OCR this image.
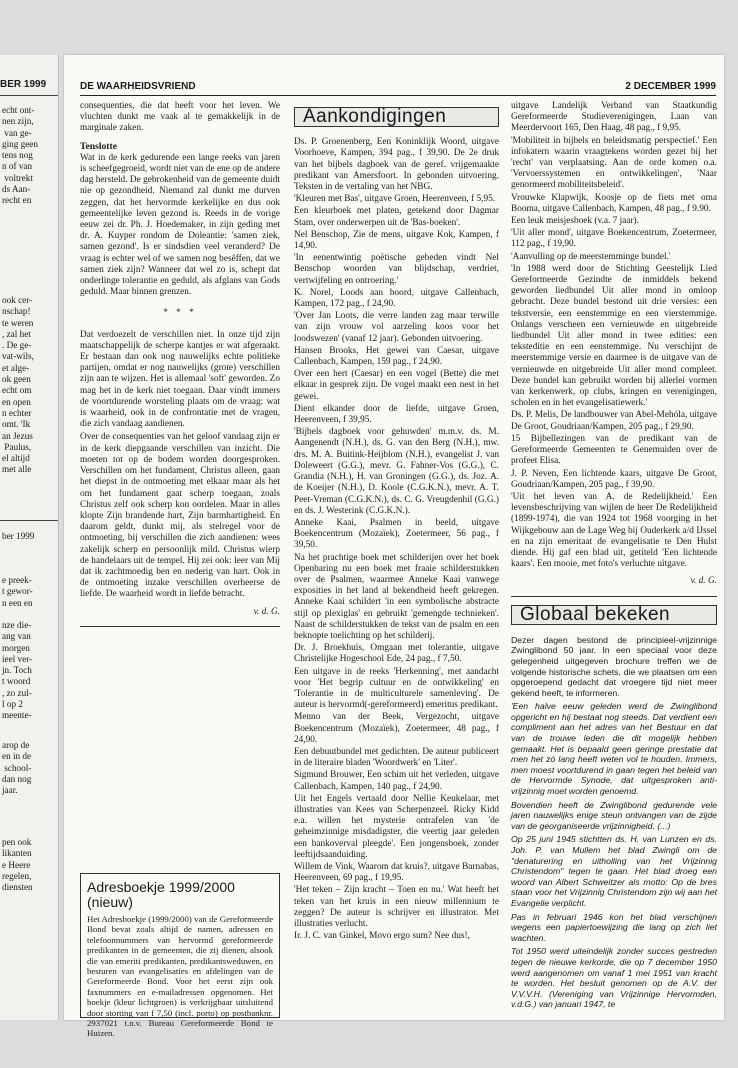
BER 1999
echt ont-
nen zijn,
van ge-
ging geen
tens nog
n of van
voltrekt
ds Aan-
recht en
ook cer-
nschap!
te weren
, zal het
. De ge-
vat-wils,
et alge-
ok geen
echt om
en open
n echter
omt. 'Ik
an Jezus
Paulus,
el altijd
met alle
ber 1999
e preek-
t gewor-
n een en
nze die-
ang van
morgen
ieel ver-
jn. Toch
t woord
, zo zul-
l op 2
meente-
arop de
en in de
school-
dan nog
jaar.
pen ook
likanten
e Heere
regelen,
diensten
DE WAARHEIDSVRIEND	2 DECEMBER 1999

consequenties, die dat heeft voor het leven. We vluchten dunkt me vaak al te gemakkelijk in de marginale zaken.

Tenslotte

Wat in de kerk gedurende een lange reeks van jaren is scheefgegroeid, wordt niet van de ene op de andere dag hersteld. De gebrokenheid van de gemeente duidt nie op gezondheid. Niemand zal dunkt me durven zeggen, dat het hervormde kerkelijke en dus ook gemeentelijke leven gezond is. Reeds in de vorige eeuw zei dr. Ph. J. Hoedemaker, in zijn geding met dr. A. Kuyper rondom de Doleantie: 'samen ziek, samen gezond'. Is er sindsdien veel veranderd? De vraag is echter wel of we samen nog besêffen, dat we samen ziek zijn? Wanneer dat wel zo is, schept dat onderlinge tolerantie en geduld, als afglans van Gods geduld. Maar binnen grenzen.

* * *

Dat verdoezelt de verschillen niet. In onze tijd zijn maatschappelijk de scherpe kantjes er wat afgeraakt. Er bestaan dan ook nog nauwelijks echte politieke partijen, omdat er nog nauwelijks (grote) verschillen zijn aan te wijzen. Het is allemaal 'soft' geworden. Zo mag het in de kerk niet toegaan. Daar vindt immers de voortdurende worsteling plaats om de vraag: wat is waarheid, ook in de confrontatie met de vragen, die zich vandaag aandienen.

Over de consequenties van het geloof vandaag zijn er in de kerk diepgaande verschillen van inzicht. Die moeten tot op de bodem worden doorgesproken. Verschillen om het fundament, Christus alleen, gaan het diepst in de ontmoeting met elkaar maar als het om het fundament gaat scherp toegaan, zoals Christus zelf ook scherp kon oordelen. Maar in alles klopte Zijn brandende hart, Zijn barmhartigheid. En daarom geldt, dunkt mij, als stelregel voor de ontmoeting, bij verschillen die zich aandienen: wees zakelijk scherp en persoonlijk mild. Christus wierp de handelaars uit de tempel. Hij zei ook: leer van Mij dat ik zachtmoedig ben en nederig van hart. Ook in de ontmoeting inzake verschillen overheerse de liefde. De waarheid wordt in liefde betracht.

v. d. G.
Adresboekje 1999/2000 (nieuw)

Het Adresboekje (1999/2000) van de Gereformeerde Bond bevat zoals altijd de namen, adressen en telefoonnummers van hervormd gereformeerde predikanten in de gemeenten, die zij dienen, alsook die van emeriti predikanten, predikantsweduwen, en besturen van evangelisaties en afdelingen van de Gereformeerde Bond. Voor het eerst zijn ook faxnummers en e-mailadressen opgenomen. Het boekje (kleur lichtgroen) is verkrijgbaar uitsluitend door storting van f 7,50 (incl. porto) op postbanknr. 2937021 t.n.v. Bureau Gereformeerde Bond te Huizen.

Aankondigingen

Ds. P. Groenenberg, Een Koninklijk Woord, uitgave Voorhoeve, Kampen, 394 pag., f 39,90. De 2e druk van het bijbels dagboek van de geref. vrijgemaakte predikant van Amersfoort. In gebonden uitvoering. Teksten in de vertaling van het NBG.

'Kleuren met Bas', uitgave Groen, Heerenveen, f 5,95.

Een kleurboek met platen, getekend door Dagmar Stam, over onderwerpen uit de 'Bas-boeken'.

Nel Benschop, Zie de mens, uitgave Kok, Kampen, f 14,90.

'In eenentwintig poëtische gebeden vindt Nel Benschop woorden van blijdschap, verdriet, vertwijfeling en ontroering.'

K. Norel, Loods aan boord, uitgave Callenbach, Kampen, 172 pag., f 24,90.

'Over Jan Loots, die verre landen zag maar terwille van zijn vrouw vol aarzeling koos voor het loodswezen' (vanaf 12 jaar). Gebonden uitvoering.

Hansen Brooks, Het gewei van Caesar, uitgave Callenbach, Kampen, 159 pag., f 24,90.

Over een hert (Caesar) en een vogel (Bette) die met elkaar in gesprek zijn. De vogel maakt een nest in het gewei.

Dient elkander door de liefde, uitgave Groen, Heerenveen, f 39,95.

'Bijbels dagboek voor gehuwden' m.m.v. ds. M. Aangenendt (N.H.), ds. G. van den Berg (N.H.), mw. drs. M. A. Buitink-Heijblom (N.H.), evangelist J. van Doleweert (G.G.), mevr. G. Fahner-Vos (G.G.), C. Grandia (N.H.), H. van Groningen (G.G.), ds. Joz. A. de Koeijer (N.H.), D. Koole (C.G.K.N.), mevr. A. T. Peet-Vreman (C.G.K.N.), ds. C. G. Vreugdenhil (G.G.) en ds. J. Westerink (C.G.K.N.).

Anneke Kaai, Psalmen in beeld, uitgave Boekencentrum (Mozaïek), Zoetermeer, 56 pag., f 39,50.

Na het prachtige boek met schilderijen over het boek Openbaring nu een boek met fraaie schilderstukken over de Psalmen, waarmee Anneke Kaai vanwege exposities in het land al bekendheid heeft gekregen. Anneke Kaai schildert 'in een symbolische abstracte stijl op plexiglas' en gebruikt 'gemengde technieken'. Naast de schilderstukken de tekst van de psalm en een beknopte toelichting op het schilderij.

Dr. J. Broekhuis, Omgaan met tolerantie, uitgave Christelijke Hogeschool Ede, 24 pag., f 7,50.

Een uitgave in de reeks 'Herkenning', met aandacht voor 'Het begrip cultuur en de ontwikkeling' en 'Tolerantie in de multiculturele samenleving'. De auteur is hervormd(-gereformeerd) emeritus predikant.

Menno van der Beek, Vergezocht, uitgave Boekencentrum (Mozaïek), Zoetermeer, 48 pag., f 24,90.

Een debuutbundel met gedichten. De auteur publiceert in de literaire bladen 'Woordwerk' en 'Liter'.

Sigmund Brouwer, Een schim uit het verleden, uitgave Callenbach, Kampen, 140 pag., f 24,90.

Uit het Engels vertaald door Nellie Keukelaar, met illustraties van Kees van Scherpenzeel. Ricky Kidd e.a. willen het mysterie ontrafelen van 'de geheimzinnige misdadigster, die veertig jaar geleden een bankoverval pleegde'. Een jongensboek, zonder leeftijdsaanduiding.

Willem de Vink, Waarom dat kruis?, uitgave Barnabas, Heerenveen, 69 pag., f 19,95.

'Het teken – Zijn kracht – Toen en nu.' Wat heeft het teken van het kruis in een nieuw millennium te zeggen? De auteur is schrijver en illustrator. Met illustraties verlucht.

Ir. J. C. van Ginkel, Movo ergo sum? Nee dus!,

uitgave Landelijk Verband van Staatkundig Gereformeerde Studieverenigingen, Laan van Meerdervoort 165, Den Haag, 48 pag., f 9,95.

'Mobiliteit in bijbels en beleidsmatig perspectief.' Een infokatern waarin vraagtekens worden gezet bij het 'recht' van verplaatsing. Aan de orde komen o.a. 'Vervoerssystemen en ontwikkelingen', 'Naar genormeerd mobiliteitsbeleid'.

Vrouwke Klapwijk, Koosje op de fiets met oma Booma, uitgave Callenbach, Kampen, 48 pag., f 9.90.

Een leuk meisjesboek (v.a. 7 jaar).

'Uit aller mond', uitgave Boekencentrum, Zoetermeer, 112 pag., f 19,90.

'Aanvulling op de meerstemminge bundel.'

'In 1988 werd door de Stichting Geestelijk Lied Gereformeerde Gezindte de inmiddels bekend geworden liedbundel Uit aller mond in omloop gebracht. Deze bundel bestond uit drie versies: een tekstversie, een eenstemmige en een vierstemmige. Onlangs verscheen een vernieuwde en uitgebreide liedbundel Uit aller mond in twee edities: een teksteditie en een eenstemmige. Nu verschijnt de meerstemmige versie en daarmee is de uitgave van de vernieuwde en uitgebreide Uit aller mond compleet. Deze bundel kan gebruikt worden bij allerlei vormen van kerkenwerk, op clubs, kringen en verenigingen, scholen en in het evangelisatiewerk.'

Ds. P. Melis, De landbouwer van Abel-Mehóla, uitgave De Groot, Goudriaan/Kampen, 205 pag., f 29,90.

15 Bijbellezingen van de predikant van de Gereformeerde Gemeenten te Genemuiden over de profeet Elisa.

J. P. Neven, Een lichtende kaars, uitgave De Groot, Goudriaan/Kampen, 205 pag., f 39,90.

'Uit het leven van A. de Redelijkheid.' Een levensbeschrijving van wijlen de heer De Redelijkheid (1899-1974), die van 1924 tot 1968 voorging in het Wijkgebouw aan de Lage Weg bij Ouderkerk a/d IJssel en na zijn emeritaat de evangelisatie te Den Hulst diende. Hij gaf een blad uit, getiteld 'Een lichtende kaars'. Een mooie, met foto's verluchte uitgave.

v. d. G.
Globaal bekeken

Dezer dagen bestond de principieel-vrijzinnige Zwinglibond 50 jaar. In een speciaal voor deze gelegenheid uitgegeven brochure treffen we de volgende historische schets, die we plaatsen om een opgeroepend gedacht dat vroegere tijd niet meer gekend heeft, te informeren.

'Een halve eeuw geleden werd de Zwinglibond opgericht en hij bestaat nog steeds. Dat verdient een compliment aan het adres van het Bestuur en dat van de trouwe leden die dit mogelijk hebben gemaakt. Het is bepaald geen geringe prestatie dat men het zó lang heeft weten vol te houden. Immers, men moest voortdurend in gaan tegen het beleid van de Hervormde Synode, dat uitgesproken anti-vrijzinnig moet worden genoemd.

Bovendien heeft de Zwinglibond gedurende vele jaren nauwelijks enige steun ontvangen van de zijde van de georganiseerde vrijzinnigheid. (...)

Op 25 juni 1945 stichtten ds. H. van Lunzen en ds. Joh. P. van Mullem het blad Zwingli om de "denaturering en uitholling van het Vrijzinnig Christendom" tegen te gaan. Het blad droeg een woord van Albert Schweitzer als motto: Op de bres staan voor het Vrijzinnig Christendom zijn wij aan het Evangelie verplicht.

Pas in februari 1946 kon het blad verschijnen wegens een papiertoewijzing die lang op zich liet wachten.

Tot 1950 werd uiteindelijk zonder succes gestreden tegen de nieuwe kerkorde, die op 7 december 1950 werd aangenomen om vanaf 1 mei 1951 van kracht te worden. Het besluit genomen op de A.V. der V.V.V.H. (Vereniging van Vrijzinnige Hervormden, v.d.G.) van januari 1947, te
